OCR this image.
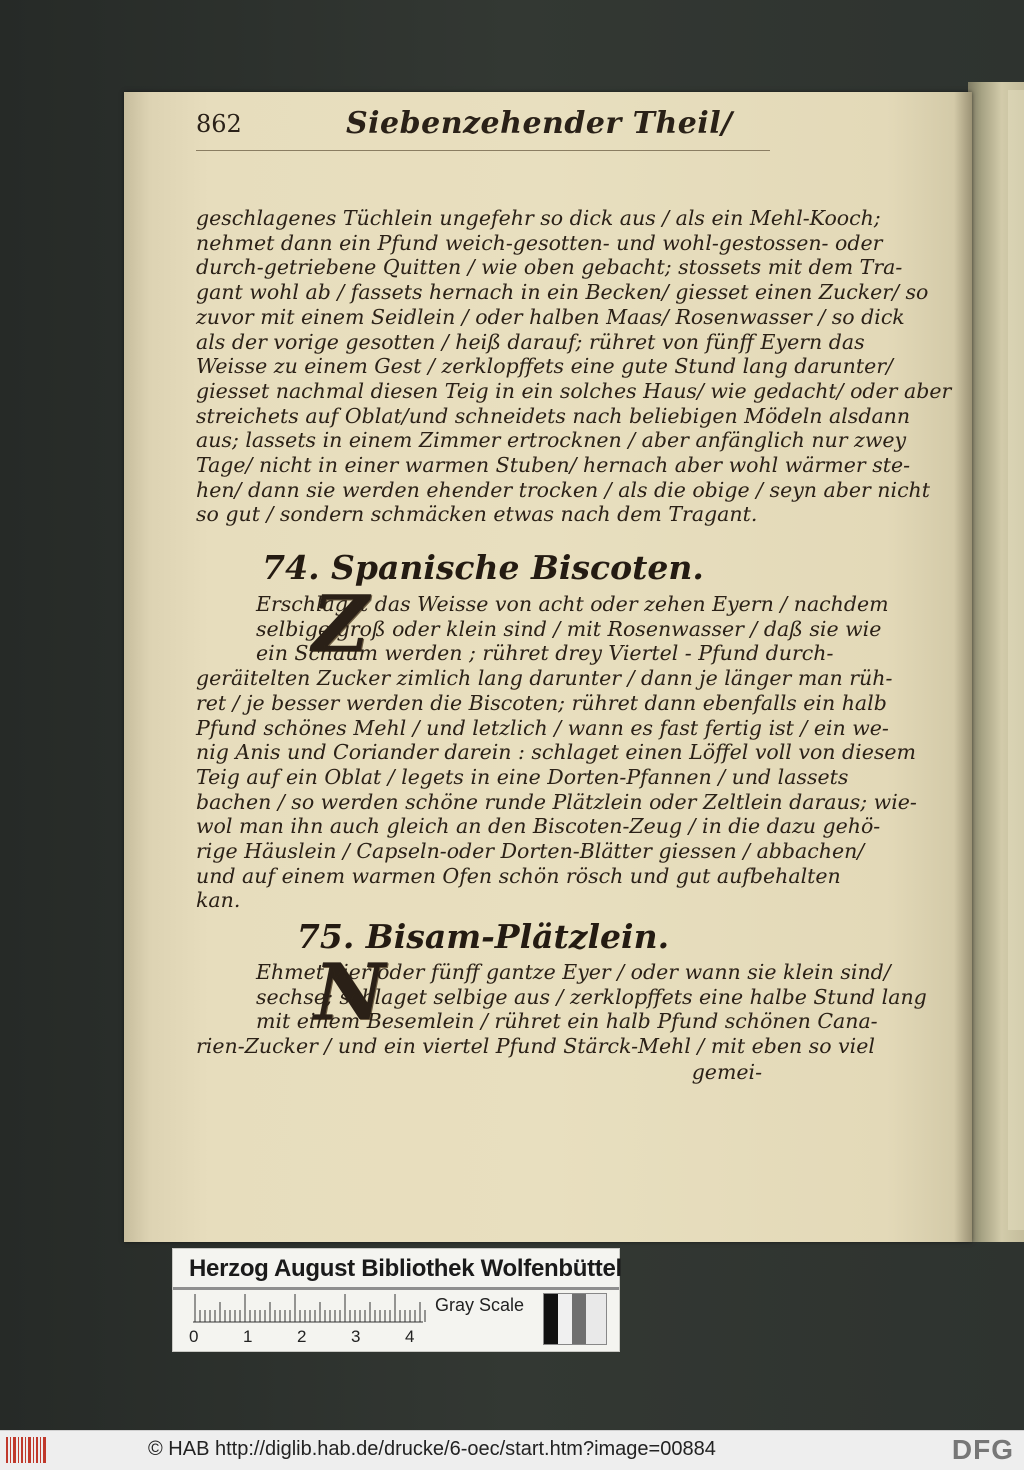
862	Siebenzehender Theil/
geschlagenes Tüchlein ungefehr so dick aus / als ein Mehl-Kooch;
nehmet dann ein Pfund weich-gesotten- und wohl-gestossen- oder
durch-getriebene Quitten / wie oben gebacht; stossets mit dem Tra-
gant wohl ab / fassets hernach in ein Becken/ giesset einen Zucker/ so
zuvor mit einem Seidlein / oder halben Maas/ Rosenwasser / so dick
als der vorige gesotten / heiß darauf; rühret von fünff Eyern das
Weisse zu einem Gest / zerklopffets eine gute Stund lang darunter/
giesset nachmal diesen Teig in ein solches Haus/ wie gedacht/ oder aber
streichets auf Oblat/und schneidets nach beliebigen Mödeln alsdann
aus; lassets in einem Zimmer ertrocknen / aber anfänglich nur zwey
Tage/ nicht in einer warmen Stuben/ hernach aber wohl wärmer ste-
hen/ dann sie werden ehender trocken / als die obige / seyn aber nicht
so gut / sondern schmäcken etwas nach dem Tragant.
74. Spanische Biscoten.
Z
Erschlaget das Weisse von acht oder zehen Eyern / nachdem
selbige groß oder klein sind / mit Rosenwasser / daß sie wie
ein Schaum werden ; rühret drey Viertel - Pfund durch-
geräitelten Zucker zimlich lang darunter / dann je länger man rüh-
ret / je besser werden die Biscoten; rühret dann ebenfalls ein halb
Pfund schönes Mehl / und letzlich / wann es fast fertig ist / ein we-
nig Anis und Coriander darein : schlaget einen Löffel voll von diesem
Teig auf ein Oblat / legets in eine Dorten-Pfannen / und lassets
bachen / so werden schöne runde Plätzlein oder Zeltlein daraus; wie-
wol man ihn auch gleich an den Biscoten-Zeug / in die dazu gehö-
rige Häuslein / Capseln-oder Dorten-Blätter giessen / abbachen/
und auf einem warmen Ofen schön rösch und gut aufbehalten
kan.
75. Bisam-Plätzlein.
N
Ehmet vier oder fünff gantze Eyer / oder wann sie klein sind/
sechse; schlaget selbige aus / zerklopffets eine halbe Stund lang
mit einem Besemlein / rühret ein halb Pfund schönen Cana-
rien-Zucker / und ein viertel Pfund Stärck-Mehl / mit eben so viel
gemei-
Herzog August Bibliothek Wolfenbüttel
0	1	2	3	4
Gray Scale
© HAB http://diglib.hab.de/drucke/6-oec/start.htm?image=00884	DFG
